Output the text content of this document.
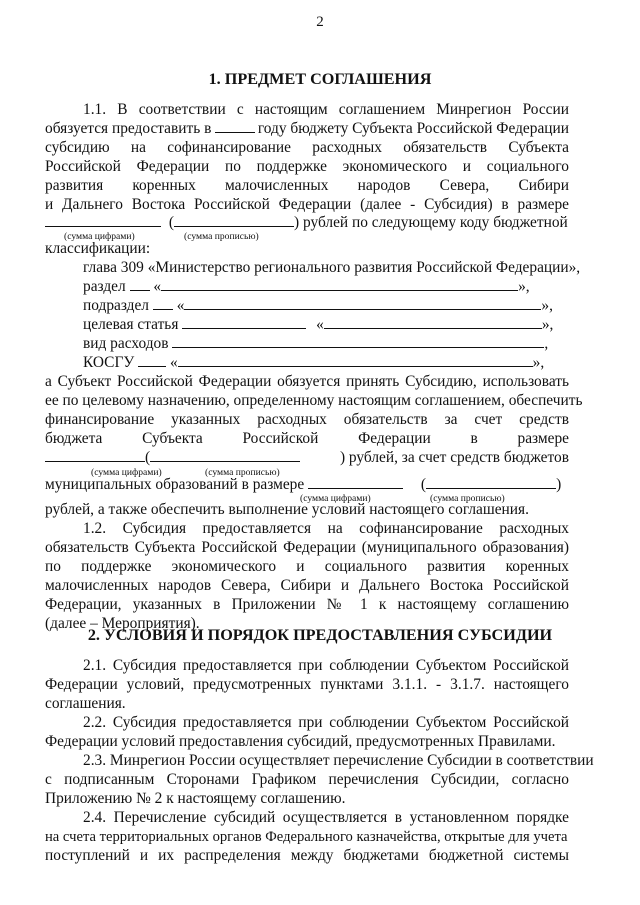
2
1. ПРЕДМЕТ СОГЛАШЕНИЯ
1.1. В соответствии с настоящим соглашением Минрегион России
обязуется предоставить в	году бюджету Субъекта Российской Федерации
субсидию на софинансирование расходных обязательств Субъекта
Российской Федерации по поддержке экономического и социального
развития коренных малочисленных народов Севера, Сибири
и Дальнего Востока Российской Федерации (далее - Субсидия) в размере
(	) рублей по следующему коду бюджетной
(сумма цифрами)	(сумма прописью)
классификации:
глава 309 «Министерство регионального развития Российской Федерации»,
раздел «	»,
подраздел «	»,
целевая статья	«	»,
вид расходов	,
КОСГУ «	»,
а Субъект Российской Федерации обязуется принять Субсидию, использовать
ее по целевому назначению, определенному настоящим соглашением, обеспечить
финансирование указанных расходных обязательств за счет средств
бюджета Субъекта Российской Федерации в размере
(	) рублей, за счет средств бюджетов
(сумма цифрами)	(сумма прописью)
муниципальных образований в размере	(	)
(сумма цифрами)	(сумма прописью)
рублей, а также обеспечить выполнение условий настоящего соглашения.
1.2. Субсидия предоставляется на софинансирование расходных
обязательств Субъекта Российской Федерации (муниципального образования)
по поддержке экономического и социального развития коренных
малочисленных народов Севера, Сибири и Дальнего Востока Российской
Федерации, указанных в Приложении № 1 к настоящему соглашению
(далее – Мероприятия).
2. УСЛОВИЯ И ПОРЯДОК ПРЕДОСТАВЛЕНИЯ СУБСИДИИ
2.1. Субсидия предоставляется при соблюдении Субъектом Российской
Федерации условий, предусмотренных пунктами 3.1.1. - 3.1.7. настоящего
соглашения.
2.2. Субсидия предоставляется при соблюдении Субъектом Российской
Федерации условий предоставления субсидий, предусмотренных Правилами.
2.3. Минрегион России осуществляет перечисление Субсидии в соответствии
с подписанным Сторонами Графиком перечисления Субсидии, согласно
Приложению № 2 к настоящему соглашению.
2.4. Перечисление субсидий осуществляется в установленном порядке
на счета территориальных органов Федерального казначейства, открытые для учета
поступлений и их распределения между бюджетами бюджетной системы
